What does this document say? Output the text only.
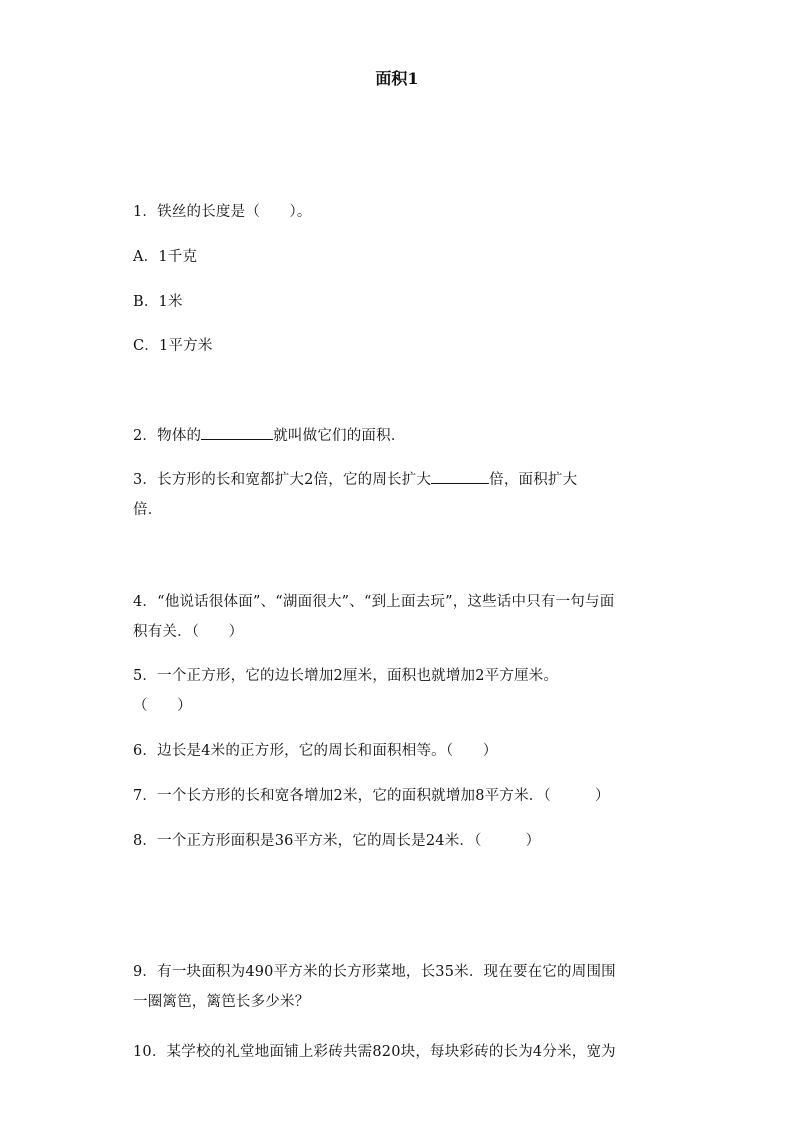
面积1
1．铁丝的长度是（　　）。
A．1千克
B．1米
C．1平方米
2．物体的	就叫做它们的面积．
3．长方形的长和宽都扩大2倍，它的周长扩大	倍，面积扩大
倍．
4．“他说话很体面”、“湖面很大”、“到上面去玩”，这些话中只有一句与面
积有关．（　　）
5．一个正方形，它的边长增加2厘米，面积也就增加2平方厘米。
（　　）
6．边长是4米的正方形，它的周长和面积相等。（　　）
7．一个长方形的长和宽各增加2米，它的面积就增加8平方米．（　　　）
8．一个正方形面积是36平方米，它的周长是24米．（　　　）
9．有一块面积为490平方米的长方形菜地，长35米．现在要在它的周围围
一圈篱笆，篱笆长多少米？
10．某学校的礼堂地面铺上彩砖共需820块，每块彩砖的长为4分米，宽为
